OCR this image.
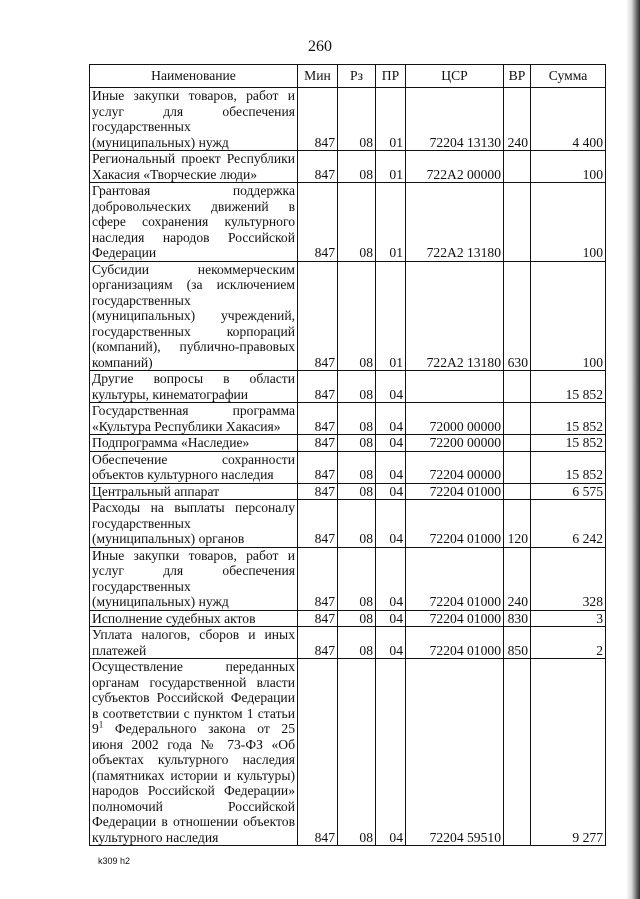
260
Наименование	Мин	Рз	ПР	ЦСР	ВР	Сумма
Иные закупки товаров, работ и услуг для обеспечения государственных (муниципальных) нужд	847	08	01	72204 13130	240	4 400
Региональный проект Республики Хакасия «Творческие люди»	847	08	01	722А2 00000		100
Грантовая поддержка добровольческих движений в сфере сохранения культурного наследия народов Российской Федерации	847	08	01	722А2 13180		100
Субсидии некоммерческим организациям (за исключением государственных (муниципальных) учреждений, государственных корпораций (компаний), публично-правовых компаний)	847	08	01	722А2 13180	630	100
Другие вопросы в области культуры, кинематографии	847	08	04			15 852
Государственная программа «Культура Республики Хакасия»	847	08	04	72000 00000		15 852
Подпрограмма «Наследие»	847	08	04	72200 00000		15 852
Обеспечение сохранности объектов культурного наследия	847	08	04	72204 00000		15 852
Центральный аппарат	847	08	04	72204 01000		6 575
Расходы на выплаты персоналу государственных (муниципальных) органов	847	08	04	72204 01000	120	6 242
Иные закупки товаров, работ и услуг для обеспечения государственных (муниципальных) нужд	847	08	04	72204 01000	240	328
Исполнение судебных актов	847	08	04	72204 01000	830	3
Уплата налогов, сборов и иных платежей	847	08	04	72204 01000	850	2
Осуществление переданных органам государственной власти субъектов Российской Федерации в соответствии с пунктом 1 статьи $9^1$ Федерального закона от 25 июня 2002 года № 73-ФЗ «Об объектах культурного наследия (памятниках истории и культуры) народов Российской Федерации» полномочий Российской Федерации в отношении объектов культурного наследия	847	08	04	72204 59510		9 277
k309 h2
